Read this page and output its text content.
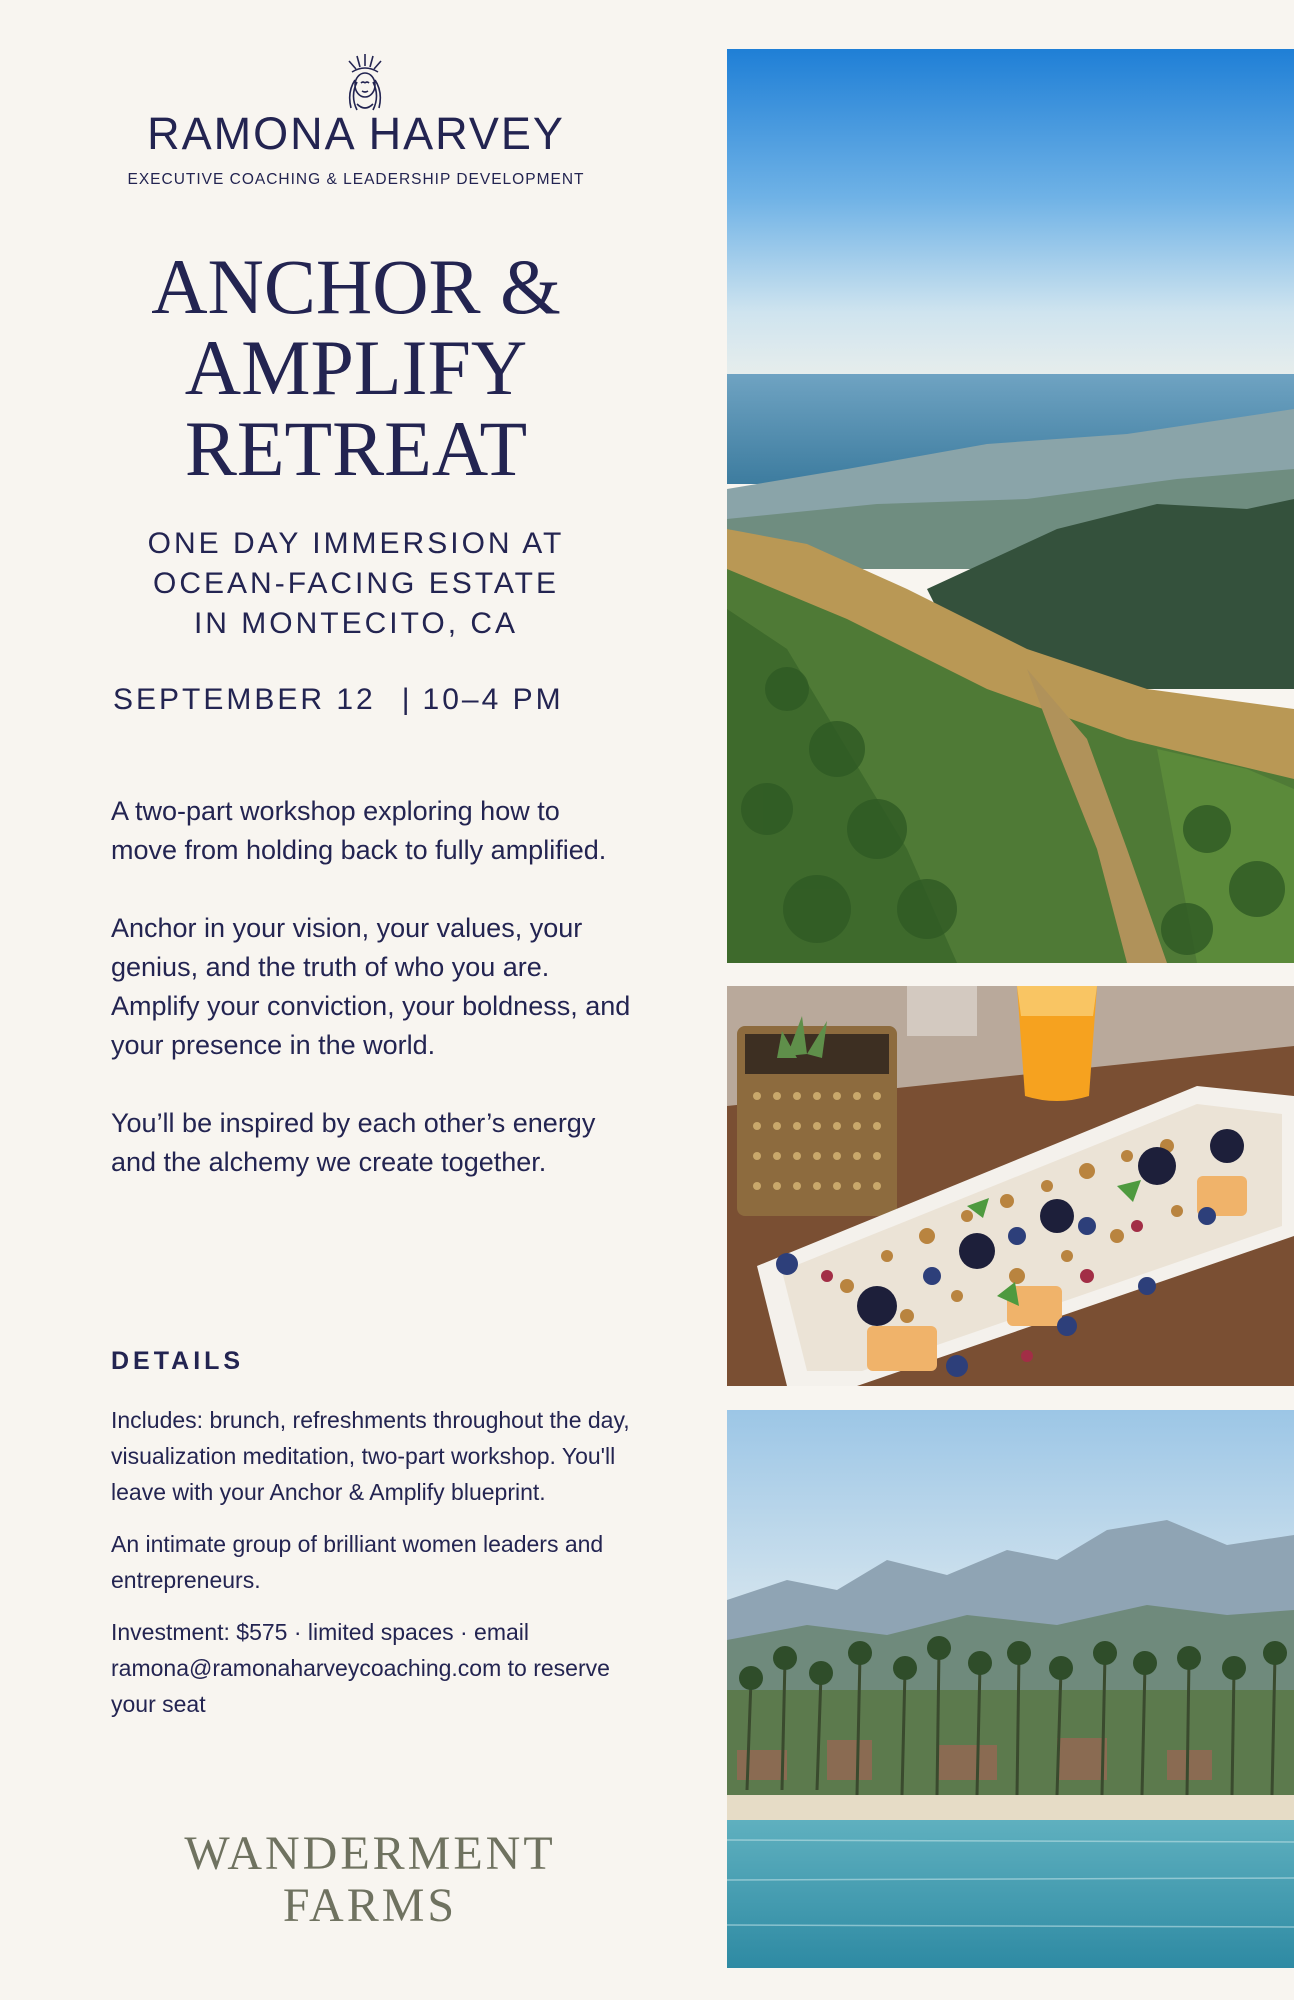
RAMONA HARVEY
EXECUTIVE COACHING & LEADERSHIP DEVELOPMENT
ANCHOR &
AMPLIFY
RETREAT
ONE DAY IMMERSION AT
OCEAN-FACING ESTATE
IN MONTECITO, CA
SEPTEMBER 12 | 10–4 PM

A two-part workshop exploring how to move from holding back to fully amplified.

Anchor in your vision, your values, your genius, and the truth of who you are. Amplify your conviction, your boldness, and your presence in the world.

You’ll be inspired by each other’s energy and the alchemy we create together.

DETAILS

Includes: brunch, refreshments throughout the day, visualization meditation, two-part workshop. You'll leave with your Anchor & Amplify blueprint.

An intimate group of brilliant women leaders and entrepreneurs.

Investment: $575 · limited spaces · email ramona@ramonaharveycoaching.com to reserve your seat

WANDERMENT
FARMS
